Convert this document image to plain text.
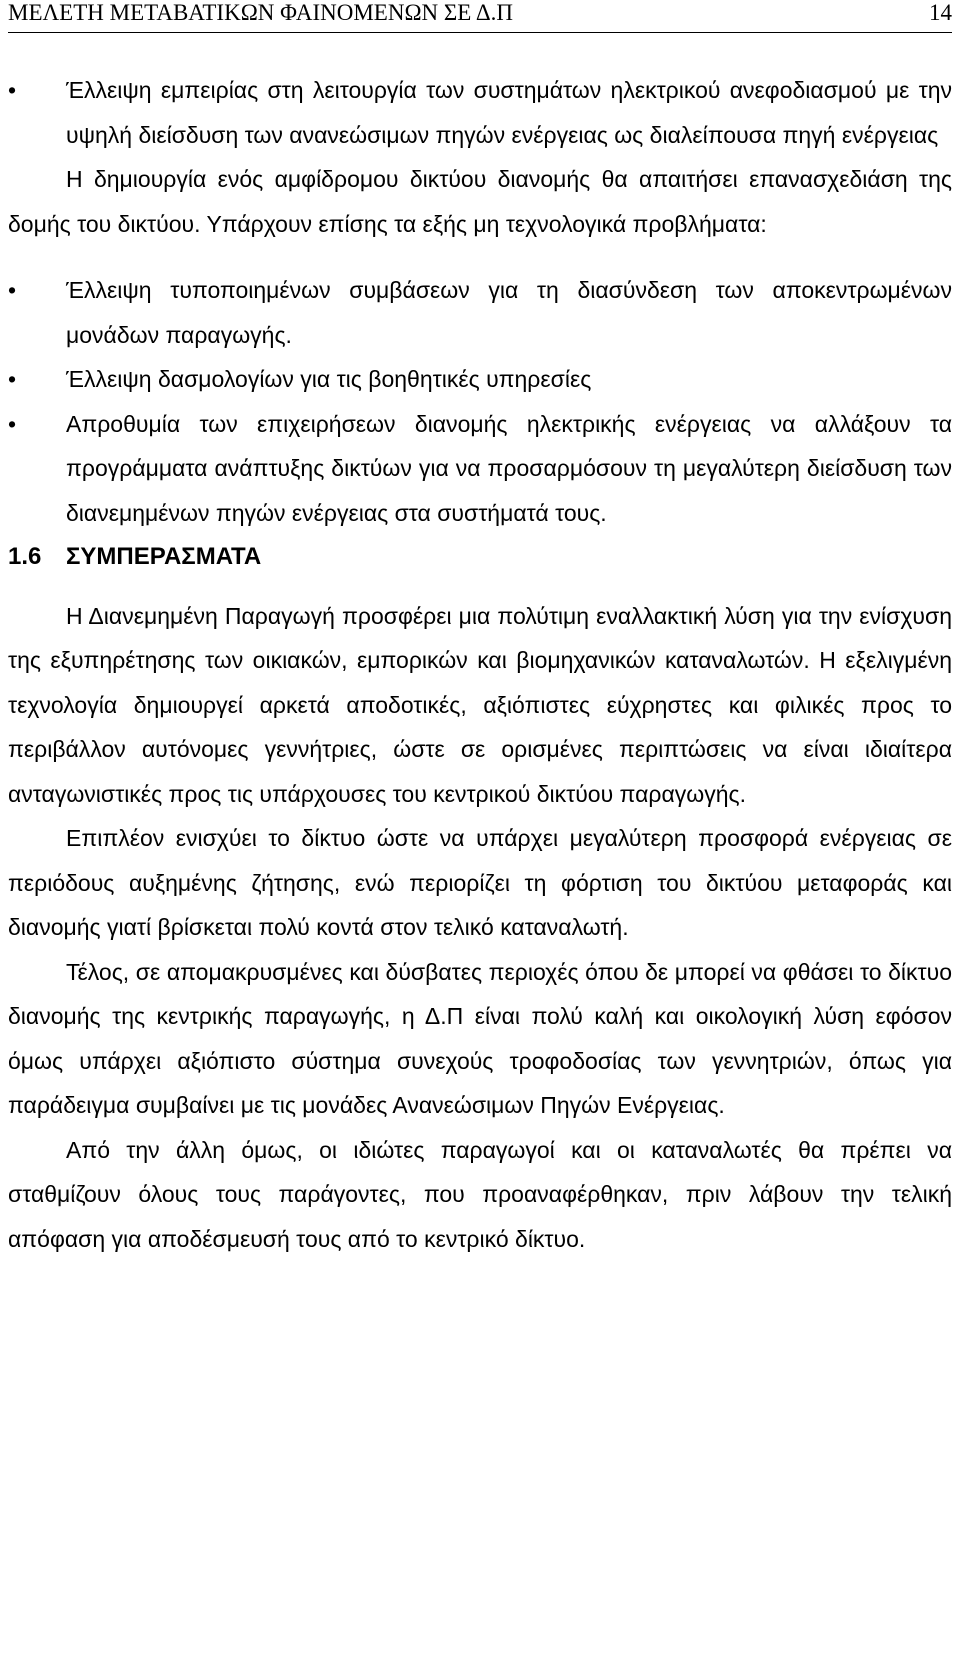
ΜΕΛΕΤΗ ΜΕΤΑΒΑΤΙΚΩΝ ΦΑΙΝΟΜΕΝΩΝ ΣΕ Δ.Π	14
•	Έλλειψη εμπειρίας στη λειτουργία των συστημάτων ηλεκτρικού ανεφοδιασμού με την υψηλή διείσδυση των ανανεώσιμων πηγών ενέργειας ως διαλείπουσα πηγή ενέργειας

Η δημιουργία ενός αμφίδρομου δικτύου διανομής θα απαιτήσει επανασχεδιάση της δομής του δικτύου. Υπάρχουν επίσης τα εξής μη τεχνολογικά προβλήματα:

•	Έλλειψη τυποποιημένων συμβάσεων για τη διασύνδεση των αποκεντρωμένων μονάδων παραγωγής.
•	Έλλειψη δασμολογίων για τις βοηθητικές υπηρεσίες
•	Απροθυμία των επιχειρήσεων διανομής ηλεκτρικής ενέργειας να αλλάξουν τα προγράμματα ανάπτυξης δικτύων για να προσαρμόσουν τη μεγαλύτερη διείσδυση των διανεμημένων πηγών ενέργειας στα συστήματά τους.
1.6 ΣΥΜΠΕΡΑΣΜΑΤΑ

Η Διανεμημένη Παραγωγή προσφέρει μια πολύτιμη εναλλακτική λύση για την ενίσχυση της εξυπηρέτησης των οικιακών, εμπορικών και βιομηχανικών καταναλωτών. Η εξελιγμένη τεχνολογία δημιουργεί αρκετά αποδοτικές, αξιόπιστες εύχρηστες και φιλικές προς το περιβάλλον αυτόνομες γεννήτριες, ώστε σε ορισμένες περιπτώσεις να είναι ιδιαίτερα ανταγωνιστικές προς τις υπάρχουσες του κεντρικού δικτύου παραγωγής.

Επιπλέον ενισχύει το δίκτυο ώστε να υπάρχει μεγαλύτερη προσφορά ενέργειας σε περιόδους αυξημένης ζήτησης, ενώ περιορίζει τη φόρτιση του δικτύου μεταφοράς και διανομής γιατί βρίσκεται πολύ κοντά στον τελικό καταναλωτή.

Τέλος, σε απομακρυσμένες και δύσβατες περιοχές όπου δε μπορεί να φθάσει το δίκτυο διανομής της κεντρικής παραγωγής, η Δ.Π είναι πολύ καλή και οικολογική λύση εφόσον όμως υπάρχει αξιόπιστο σύστημα συνεχούς τροφοδοσίας των γεννητριών, όπως για παράδειγμα συμβαίνει με τις μονάδες Ανανεώσιμων Πηγών Ενέργειας.

Από την άλλη όμως, οι ιδιώτες παραγωγοί και οι καταναλωτές θα πρέπει να σταθμίζουν όλους τους παράγοντες, που προαναφέρθηκαν, πριν λάβουν την τελική απόφαση για αποδέσμευσή τους από το κεντρικό δίκτυο.
